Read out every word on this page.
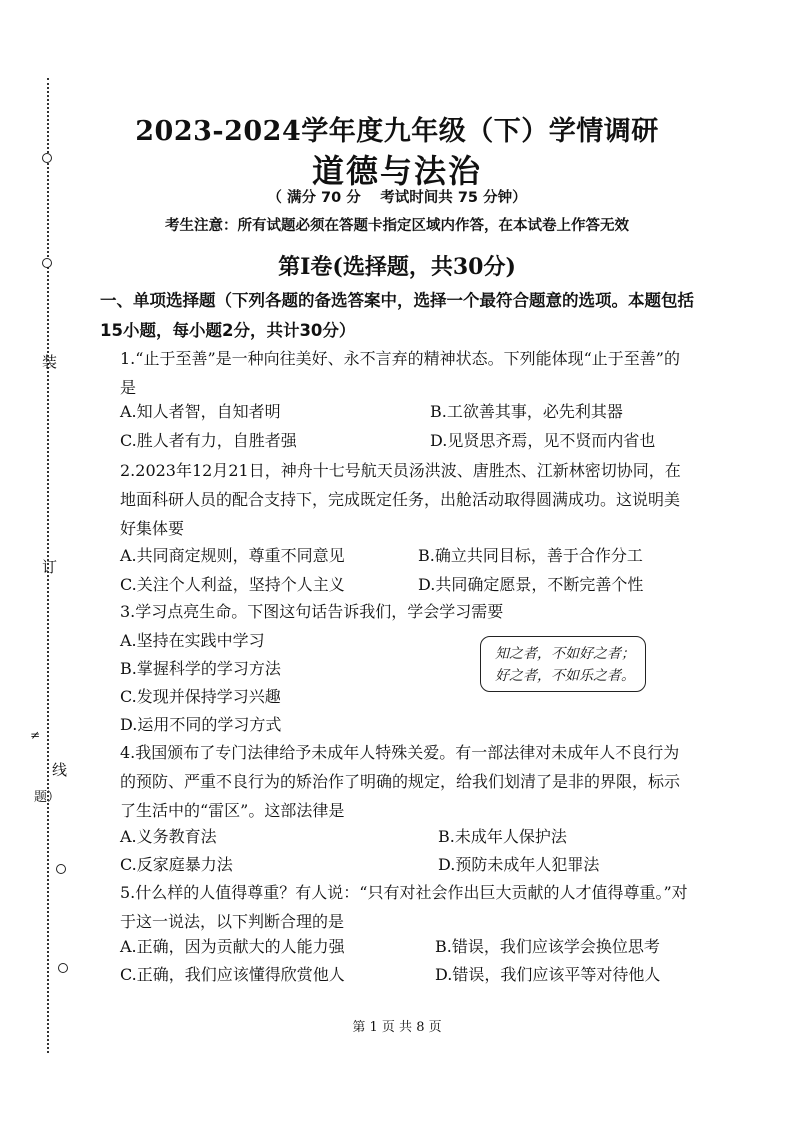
装
订
≠
线
题）
2023-2024学年度九年级（下）学情调研
道德与法治
（ 满分 70 分　 考试时间共 75 分钟）
考生注意：所有试题必须在答题卡指定区域内作答，在本试卷上作答无效
第Ⅰ卷(选择题，共30分)
一、单项选择题（下列各题的备选答案中，选择一个最符合题意的选项。本题包括15小题，每小题2分，共计30分）
1.“止于至善”是一种向往美好、永不言弃的精神状态。下列能体现“止于至善”的是
A.知人者智，自知者明	B.工欲善其事，必先利其器
C.胜人者有力，自胜者强	D.见贤思齐焉，见不贤而内省也
2.2023年12月21日，神舟十七号航天员汤洪波、唐胜杰、江新林密切协同，在地面科研人员的配合支持下，完成既定任务，出舱活动取得圆满成功。这说明美好集体要
A.共同商定规则，尊重不同意见	B.确立共同目标，善于合作分工
C.关注个人利益，坚持个人主义	D.共同确定愿景，不断完善个性
3.学习点亮生命。下图这句话告诉我们，学会学习需要
A.坚持在实践中学习
B.掌握科学的学习方法
C.发现并保持学习兴趣
D.运用不同的学习方式
知之者，不如好之者；
好之者，不如乐之者。
4.我国颁布了专门法律给予未成年人特殊关爱。有一部法律对未成年人不良行为的预防、严重不良行为的矫治作了明确的规定，给我们划清了是非的界限，标示了生活中的“雷区”。这部法律是
A.义务教育法	B.未成年人保护法
C.反家庭暴力法	D.预防未成年人犯罪法
5.什么样的人值得尊重？有人说：“只有对社会作出巨大贡献的人才值得尊重。”对于这一说法，以下判断合理的是
A.正确，因为贡献大的人能力强	B.错误，我们应该学会换位思考
C.正确，我们应该懂得欣赏他人	D.错误，我们应该平等对待他人
第 1 页 共 8 页
